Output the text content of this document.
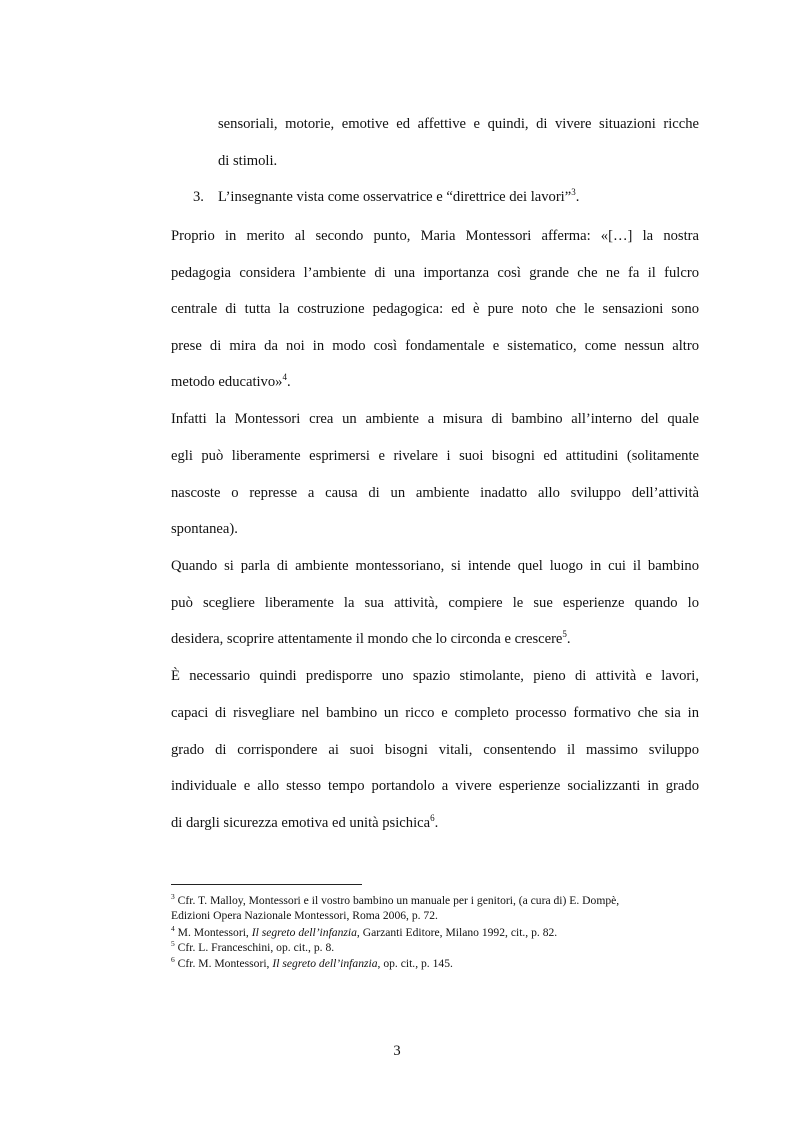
sensoriali, motorie, emotive ed affettive e quindi, di vivere situazioni ricche
di stimoli.
3. L’insegnante vista come osservatrice e “direttrice dei lavori”$^3$.
Proprio in merito al secondo punto, Maria Montessori afferma: «[…] la nostra
pedagogia considera l’ambiente di una importanza così grande che ne fa il fulcro
centrale di tutta la costruzione pedagogica: ed è pure noto che le sensazioni sono
prese di mira da noi in modo così fondamentale e sistematico, come nessun altro
metodo educativo»$^4$.
Infatti la Montessori crea un ambiente a misura di bambino all’interno del quale
egli può liberamente esprimersi e rivelare i suoi bisogni ed attitudini (solitamente
nascoste o represse a causa di un ambiente inadatto allo sviluppo dell’attività
spontanea).
Quando si parla di ambiente montessoriano, si intende quel luogo in cui il bambino
può scegliere liberamente la sua attività, compiere le sue esperienze quando lo
desidera, scoprire attentamente il mondo che lo circonda e crescere$^5$.
È necessario quindi predisporre uno spazio stimolante, pieno di attività e lavori,
capaci di risvegliare nel bambino un ricco e completo processo formativo che sia in
grado di corrispondere ai suoi bisogni vitali, consentendo il massimo sviluppo
individuale e allo stesso tempo portandolo a vivere esperienze socializzanti in grado
di dargli sicurezza emotiva ed unità psichica$^6$.
$^3$ Cfr. T. Malloy, Montessori e il vostro bambino un manuale per i genitori, (a cura di) E. Dompè,
Edizioni Opera Nazionale Montessori, Roma 2006, p. 72.
$^4$ M. Montessori, Il segreto dell’infanzia, Garzanti Editore, Milano 1992, cit., p. 82.
$^5$ Cfr. L. Franceschini, op. cit., p. 8.
$^6$ Cfr. M. Montessori, Il segreto dell’infanzia, op. cit., p. 145.
3
